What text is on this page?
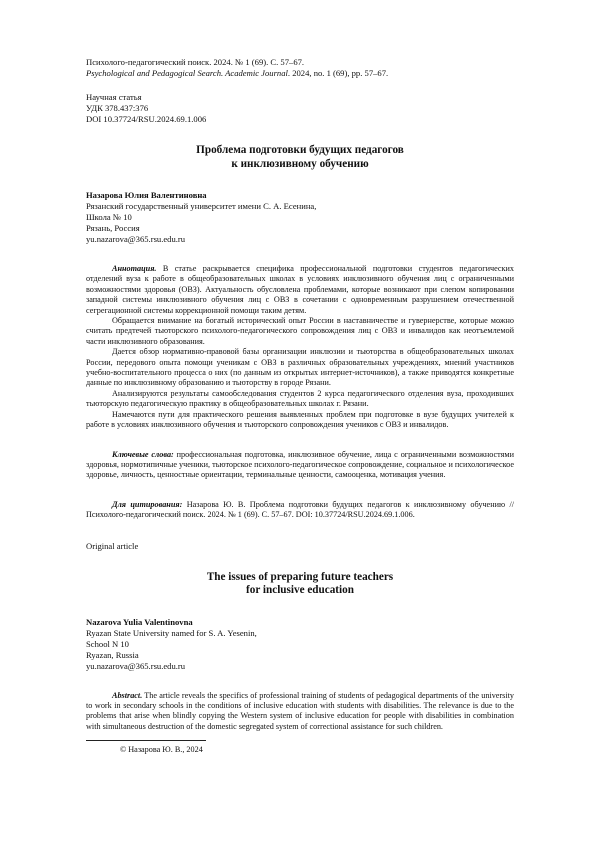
Психолого-педагогический поиск. 2024. № 1 (69). С. 57–67.
Psychological and Pedagogical Search. Academic Journal. 2024, no. 1 (69), pp. 57–67.
Научная статья
УДК 378.437:376
DOI 10.37724/RSU.2024.69.1.006
Проблема подготовки будущих педагогов
к инклюзивному обучению
Назарова Юлия Валентиновна
Рязанский государственный университет имени С. А. Есенина,
Школа № 10
Рязань, Россия
yu.nazarova@365.rsu.edu.ru

Аннотация. В статье раскрывается специфика профессиональной подготовки студентов педагогических отделений вуза к работе в общеобразовательных школах в условиях инклюзивного обучения лиц с ограниченными возможностями здоровья (ОВЗ). Актуальность обусловлена проблемами, которые возникают при слепом копировании западной системы инклюзивного обучения лиц с ОВЗ в сочетании с одновременным разрушением отечественной сегрегационной системы коррекционной помощи таким детям.

Обращается внимание на богатый исторический опыт России в наставничестве и гувернерстве, которые можно считать предтечей тьюторского психолого-педагогического сопровождения лиц с ОВЗ и инвалидов как неотъемлемой части инклюзивного образования.

Дается обзор нормативно-правовой базы организации инклюзии и тьюторства в общеобразовательных школах России, передового опыта помощи ученикам с ОВЗ в различных образовательных учреждениях, мнений участников учебно-воспитательного процесса о них (по данным из открытых интернет-источников), а также приводятся конкретные данные по инклюзивному образованию и тьюторству в городе Рязани.

Анализируются результаты самообследования студентов 2 курса педагогического отделения вуза, проходивших тьюторскую педагогическую практику в общеобразовательных школах г. Рязани.

Намечаются пути для практического решения выявленных проблем при подготовке в вузе будущих учителей к работе в условиях инклюзивного обучения и тьюторского сопровождения учеников с ОВЗ и инвалидов.

Ключевые слова: профессиональная подготовка, инклюзивное обучение, лица с ограниченными возможностями здоровья, нормотипичные ученики, тьюторское психолого-педагогическое сопровождение, социальное и психологическое здоровье, личность, ценностные ориентации, терминальные ценности, самооценка, мотивация учения.

Для цитирования: Назарова Ю. В. Проблема подготовки будущих педагогов к инклюзивному обучению // Психолого-педагогический поиск. 2024. № 1 (69). С. 57–67. DOI: 10.37724/RSU.2024.69.1.006.

Original article
The issues of preparing future teachers
for inclusive education
Nazarova Yulia Valentinovna
Ryazan State University named for S. A. Yesenin,
School N 10
Ryazan, Russia
yu.nazarova@365.rsu.edu.ru

Abstract. The article reveals the specifics of professional training of students of pedagogical departments of the university to work in secondary schools in the conditions of inclusive education with students with disabilities. The relevance is due to the problems that arise when blindly copying the Western system of inclusive education for people with disabilities in combination with simultaneous destruction of the domestic segregated system of correctional assistance for such children.

© Назарова Ю. В., 2024
